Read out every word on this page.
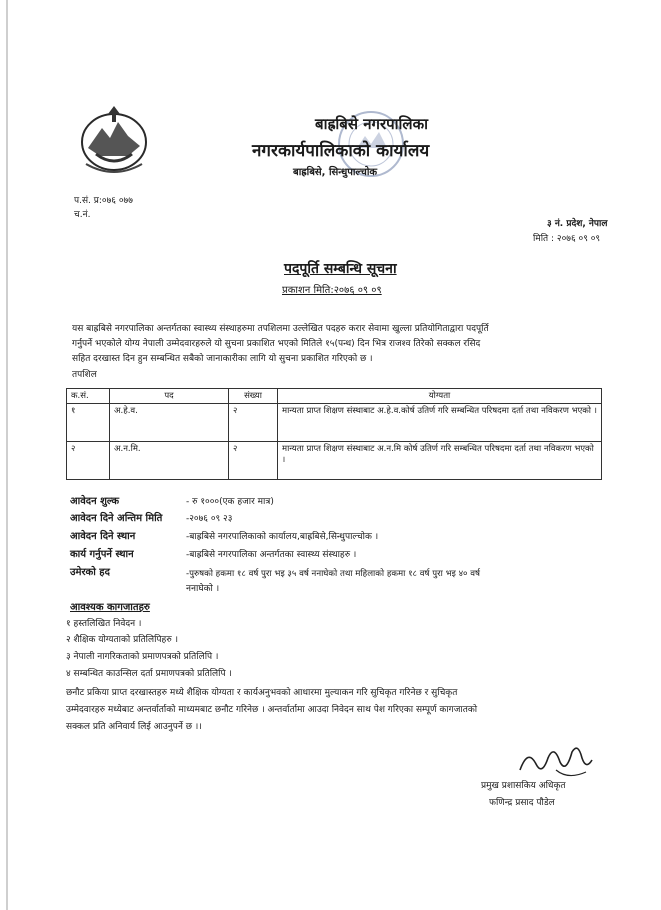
बाह्रबिसे नगरपालिका
नगरकार्यपालिकाको कार्यालय
बाह्रबिसे, सिन्धुपाल्चोक
प.सं. प्र:०७६ ०७७
च.नं.
३ नं. प्रदेश, नेपाल
मिति : २०७६ ०९ ०९
पदपूर्ति सम्बन्धि सूचना
प्रकाशन मिति:२०७६ ०९ ०९
यस बाह्रबिसे नगरपालिका अन्तर्गतका स्वास्थ्य संस्थाहरुमा तपशिलमा उल्लेखित पदहरु करार सेवामा खुल्ला प्रतियोगिताद्वारा पदपूर्ति
गर्नुपर्ने भएकोले योग्य नेपाली उम्मेदवारहरुले यो सुचना प्रकाशित भएको मितिले १५(पन्ध) दिन भित्र राजश्व तिरेको सक्कल रसिद
सहित दरखास्त दिन हुन सम्बन्धित सबैको जानाकारीका लागि यो सुचना प्रकाशित गरिएको छ ।
तपशिल
क.सं.	पद	संख्या	योग्यता
१	अ.हे.व.	२	मान्यता प्राप्त शिक्षण संस्थाबाट अ.हे.व.कोर्ष उतिर्ण गरि सम्बन्धित परिषदमा दर्ता तथा नविकरण भएको ।
२	अ.न.मि.	२	मान्यता प्राप्त शिक्षण संस्थाबाट अ.न.मि कोर्ष उतिर्ण गरि सम्बन्धित परिषदमा दर्ता तथा नविकरण भएको ।
आवेदन शुल्क	- रु १०००(एक हजार मात्र)
आवेदन दिने अन्तिम मिति	-२०७६ ०९ २३
आवेदन दिने स्थान	-बाह्रबिसे नगरपालिकाको कार्यालय,बाह्रबिसे,सिन्धुपाल्चोक ।
कार्य गर्नुपर्ने स्थान	-बाह्रबिसे नगरपालिका अन्तर्गतका स्वास्थ्य संस्थाहरु ।
उमेरको हद	-पुरुषको हकमा १८ वर्ष पुरा भइ ३५ वर्ष ननाघेको तथा महिलाको हकमा १८ वर्ष पुरा भइ ४० वर्ष
ननाघेको ।
आवश्यक कागजातहरु
१ हस्तलिखित निवेदन ।
२ शैक्षिक योग्यताको प्रतिलिपिहरु ।
३ नेपाली नागरिकताको प्रमाणपत्रको प्रतिलिपि ।
४ सम्बन्धित काउन्सिल दर्ता प्रमाणपत्रको प्रतिलिपि ।
छनौट प्रकिया प्राप्त दरखास्तहरु मध्ये शैक्षिक योग्यता र कार्यअनुभवको आधारमा मुल्याकन गरि सुचिकृत गरिनेछ र सुचिकृत
उम्मेदवारहरु मध्येबाट अन्तर्वार्ताको माध्यमबाट छनौट गरिनेछ । अन्तर्वार्तामा आउदा निवेदन साथ पेश गरिएका सम्पूर्ण कागजातको
सक्कल प्रति अनिवार्य लिई आउनुपर्ने छ ।।
प्रमुख प्रशासकिय अधिकृत
फणिन्द्र प्रसाद पौडेल
